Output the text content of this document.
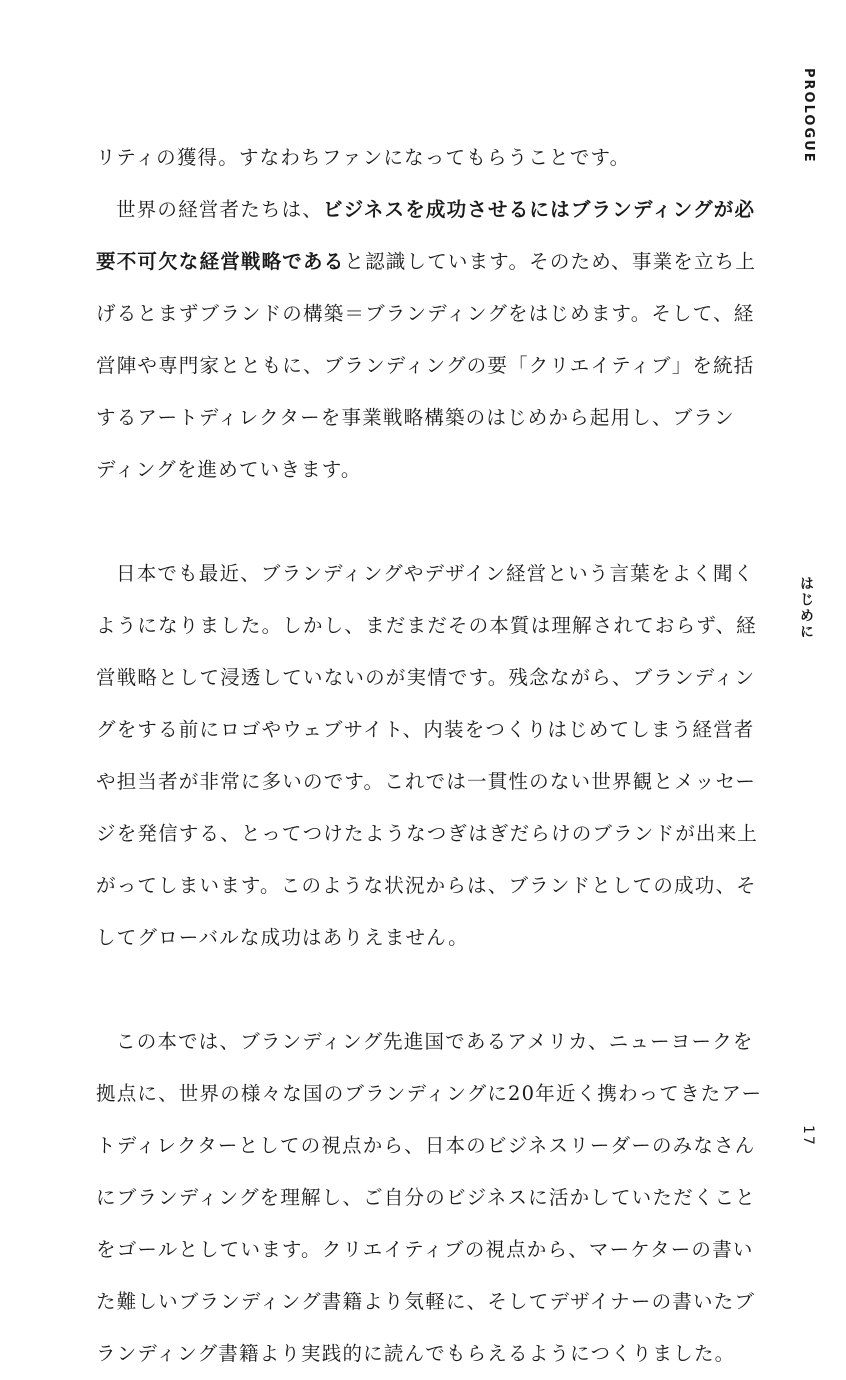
リティの獲得。すなわちファンになってもらうことです。
世界の経営者たちは、ビジネスを成功させるにはブランディングが必
要不可欠な経営戦略であると認識しています。そのため、事業を立ち上
げるとまずブランドの構築＝ブランディングをはじめます。そして、経
営陣や専門家とともに、ブランディングの要「クリエイティブ」を統括
するアートディレクターを事業戦略構築のはじめから起用し、ブラン
ディングを進めていきます。
日本でも最近、ブランディングやデザイン経営という言葉をよく聞く
ようになりました。しかし、まだまだその本質は理解されておらず、経
営戦略として浸透していないのが実情です。残念ながら、ブランディン
グをする前にロゴやウェブサイト、内装をつくりはじめてしまう経営者
や担当者が非常に多いのです。これでは一貫性のない世界観とメッセー
ジを発信する、とってつけたようなつぎはぎだらけのブランドが出来上
がってしまいます。このような状況からは、ブランドとしての成功、そ
してグローバルな成功はありえません。
この本では、ブランディング先進国であるアメリカ、ニューヨークを
拠点に、世界の様々な国のブランディングに20年近く携わってきたアー
トディレクターとしての視点から、日本のビジネスリーダーのみなさん
にブランディングを理解し、ご自分のビジネスに活かしていただくこと
をゴールとしています。クリエイティブの視点から、マーケターの書い
た難しいブランディング書籍より気軽に、そしてデザイナーの書いたブ
ランディング書籍より実践的に読んでもらえるようにつくりました。
PROLOGUE
はじめに
17
